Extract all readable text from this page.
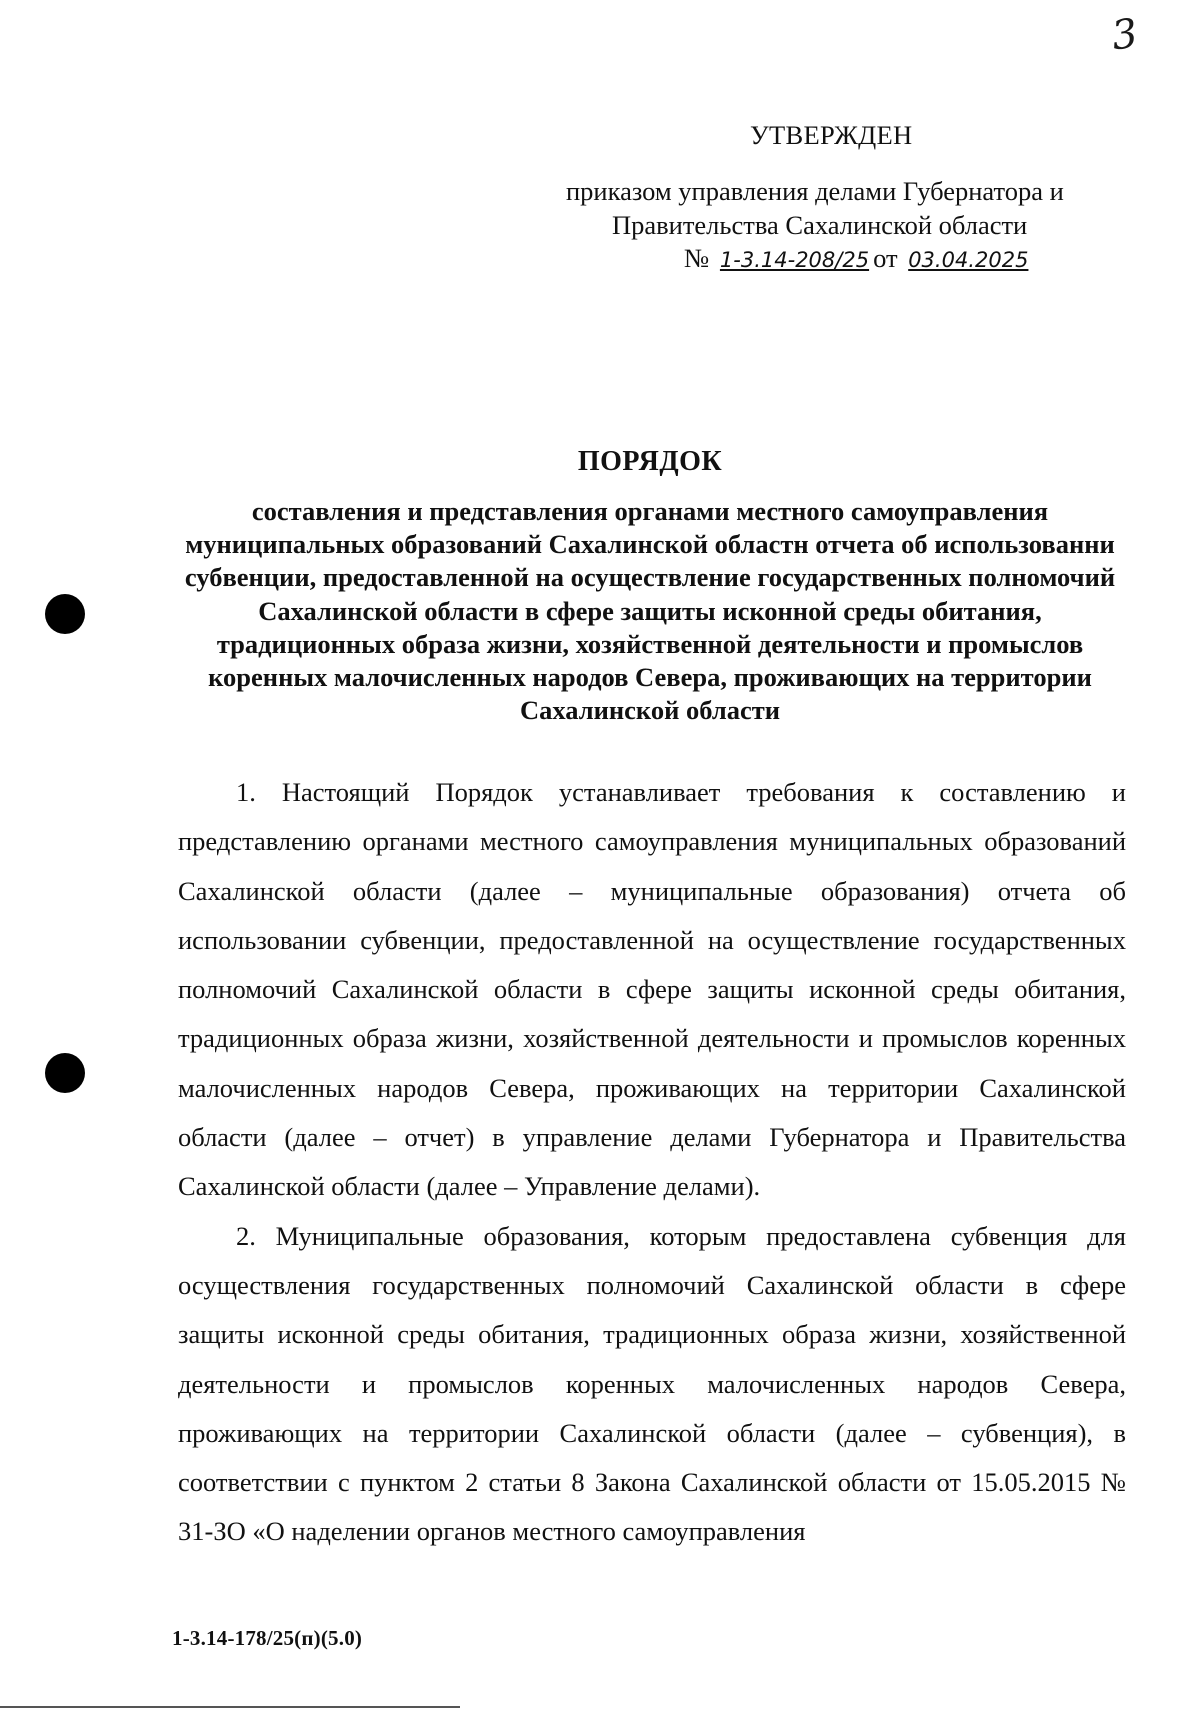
3
УТВЕРЖДЕН
приказом управления делами Губернатора и
Правительства Сахалинской области
№ 1-3.14-208/25 от 03.04.2025
ПОРЯДОК
составления и представления органами местного самоуправления муниципальных образований Сахалинской областн отчета об использованни субвенции, предоставленной на осуществление государственных полномочий Сахалинской области в сфере защиты исконной среды обитания, традиционных образа жизни, хозяйственной деятельности и промыслов коренных малочисленных народов Севера, проживающих на территории Сахалинской области

1. Настоящий Порядок устанавливает требования к составлению и представлению органами местного самоуправления муниципальных образований Сахалинской области (далее – муниципальные образования) отчета об использовании субвенции, предоставленной на осуществление государственных полномочий Сахалинской области в сфере защиты исконной среды обитания, традиционных образа жизни, хозяйственной деятельности и промыслов коренных малочисленных народов Севера, проживающих на территории Сахалинской области (далее – отчет) в управление делами Губернатора и Правительства Сахалинской области (далее – Управление делами).

2. Муниципальные образования, которым предоставлена субвенция для осуществления государственных полномочий Сахалинской области в сфере защиты исконной среды обитания, традиционных образа жизни, хозяйственной деятельности и промыслов коренных малочисленных народов Севера, проживающих на территории Сахалинской области (далее – субвенция), в соответствии с пунктом 2 статьи 8 Закона Сахалинской области от 15.05.2015 № 31-ЗО «О наделении органов местного самоуправления

1-3.14-178/25(п)(5.0)
